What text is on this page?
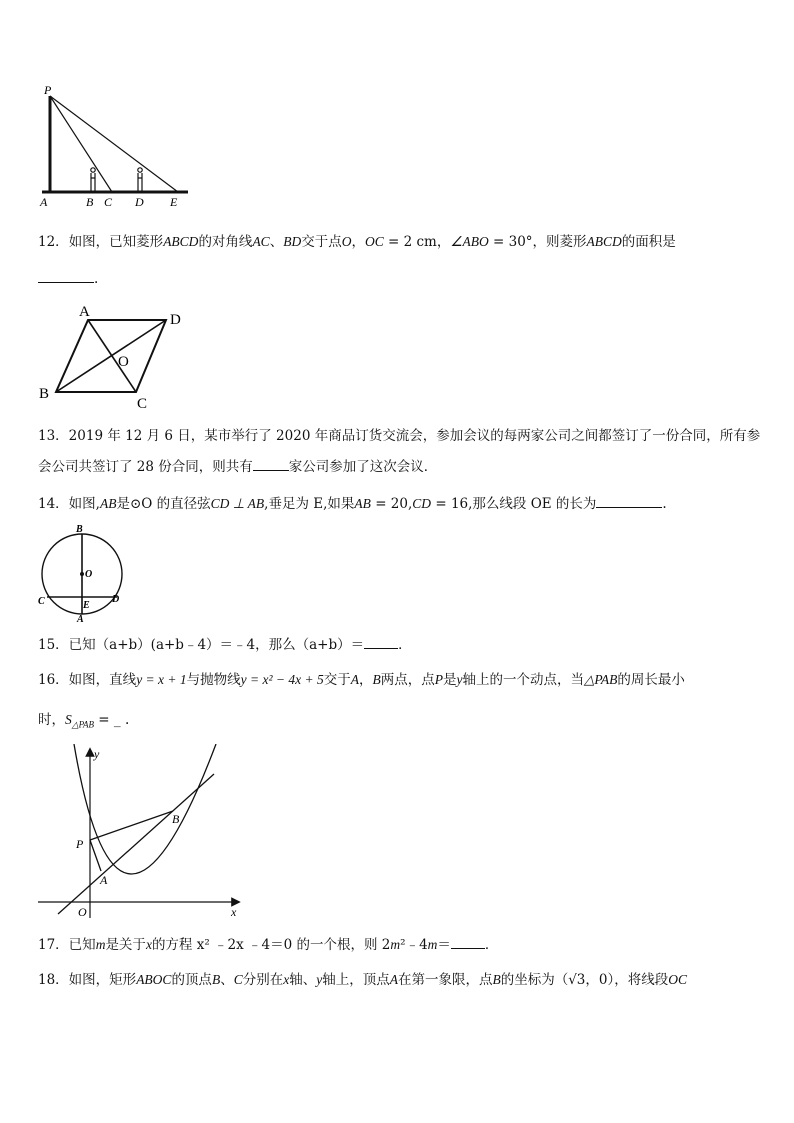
P
A	B C D E
12．如图，已知菱形ABCD的对角线AC、BD交于点O，OC = 2 cm，∠ABO = 30°，则菱形ABCD的面积是
.
A	D
O
B
C
13．2019 年 12 月 6 日，某市举行了 2020 年商品订货交流会，参加会议的每两家公司之间都签订了一份合同，所有参
会公司共签订了 28 份合同，则共有	家公司参加了这次会议．
14．如图,AB是⊙O 的直径弦CD ⊥ AB,垂足为 E,如果AB = 20,CD = 16,那么线段 OE 的长为	.
B
O
C	D
E
A
15．已知（a+b）(a+b﹣4）＝﹣4，那么（a+b）＝	．
16．如图，直线y = x + 1与抛物线y = x² − 4x + 5交于A，B两点，点P是y轴上的一个动点，当△PAB的周长最小
时，$S_{\triangle PAB}$ = _ .
y
x
O
P
A
B
17．已知m是关于x的方程 x² ﹣2x ﹣4＝0 的一个根，则 2m²﹣4m＝	．
18．如图，矩形ABOC的顶点B、C分别在x轴、y轴上，顶点A在第一象限，点B的坐标为（√3，0），将线段OC
